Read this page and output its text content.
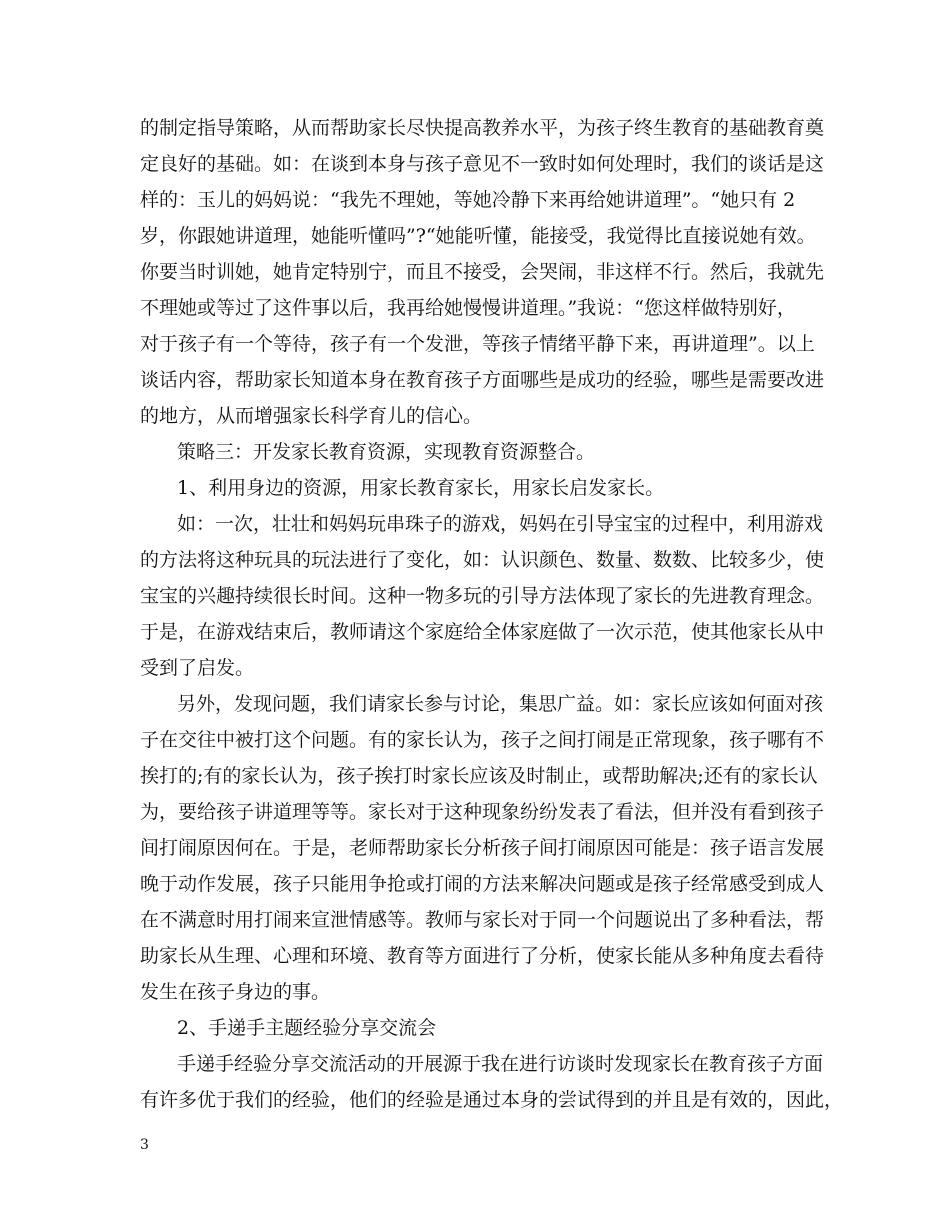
的制定指导策略，从而帮助家长尽快提高教养水平，为孩子终生教育的基础教育奠
定良好的基础。如：在谈到本身与孩子意见不一致时如何处理时，我们的谈话是这
样的：玉儿的妈妈说：“我先不理她，等她冷静下来再给她讲道理”。“她只有 2
岁，你跟她讲道理，她能听懂吗”?“她能听懂，能接受，我觉得比直接说她有效。
你要当时训她，她肯定特别宁，而且不接受，会哭闹，非这样不行。然后，我就先
不理她或等过了这件事以后，我再给她慢慢讲道理。”我说：“您这样做特别好，
对于孩子有一个等待，孩子有一个发泄，等孩子情绪平静下来，再讲道理”。以上
谈话内容，帮助家长知道本身在教育孩子方面哪些是成功的经验，哪些是需要改进
的地方，从而增强家长科学育儿的信心。
策略三：开发家长教育资源，实现教育资源整合。
1、利用身边的资源，用家长教育家长，用家长启发家长。
如：一次，壮壮和妈妈玩串珠子的游戏，妈妈在引导宝宝的过程中，利用游戏
的方法将这种玩具的玩法进行了变化，如：认识颜色、数量、数数、比较多少，使
宝宝的兴趣持续很长时间。这种一物多玩的引导方法体现了家长的先进教育理念。
于是，在游戏结束后，教师请这个家庭给全体家庭做了一次示范，使其他家长从中
受到了启发。
另外，发现问题，我们请家长参与讨论，集思广益。如：家长应该如何面对孩
子在交往中被打这个问题。有的家长认为，孩子之间打闹是正常现象，孩子哪有不
挨打的;有的家长认为，孩子挨打时家长应该及时制止，或帮助解决;还有的家长认
为，要给孩子讲道理等等。家长对于这种现象纷纷发表了看法，但并没有看到孩子
间打闹原因何在。于是，老师帮助家长分析孩子间打闹原因可能是：孩子语言发展
晚于动作发展，孩子只能用争抢或打闹的方法来解决问题或是孩子经常感受到成人
在不满意时用打闹来宣泄情感等。教师与家长对于同一个问题说出了多种看法，帮
助家长从生理、心理和环境、教育等方面进行了分析，使家长能从多种角度去看待
发生在孩子身边的事。
2、手递手主题经验分享交流会
手递手经验分享交流活动的开展源于我在进行访谈时发现家长在教育孩子方面
有许多优于我们的经验，他们的经验是通过本身的尝试得到的并且是有效的，因此，
3
